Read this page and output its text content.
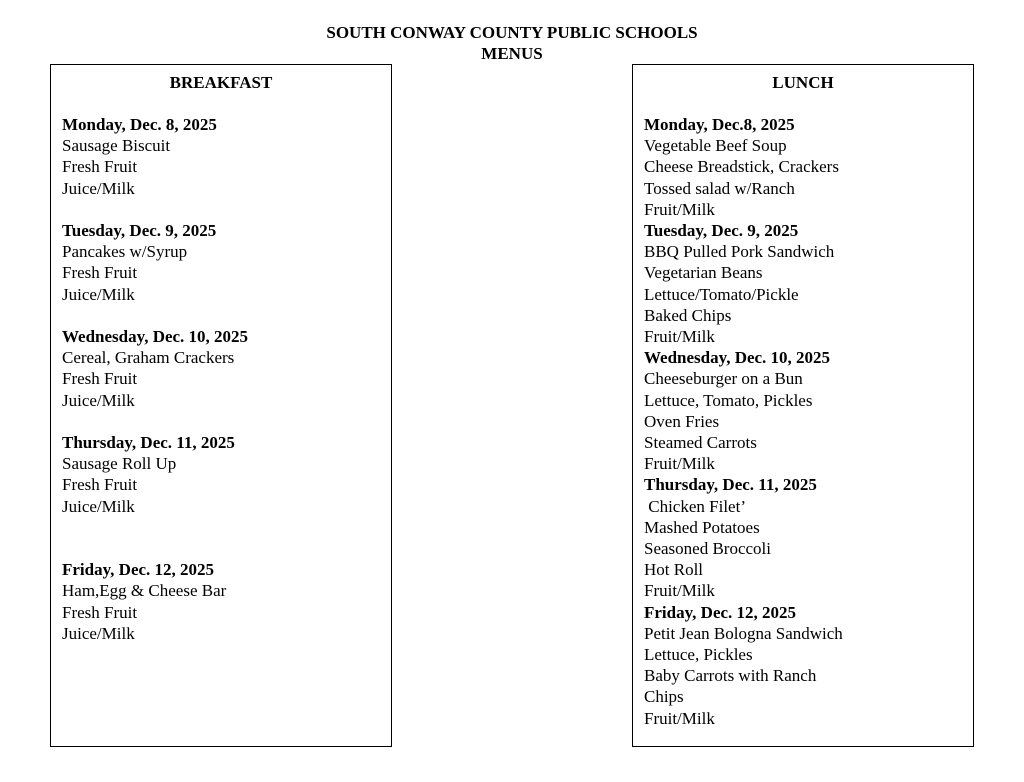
SOUTH CONWAY COUNTY PUBLIC SCHOOLS
MENUS
BREAKFAST
Monday, Dec. 8, 2025
Sausage Biscuit
Fresh Fruit
Juice/Milk
Tuesday, Dec. 9, 2025
Pancakes w/Syrup
Fresh Fruit
Juice/Milk
Wednesday, Dec. 10, 2025
Cereal, Graham Crackers
Fresh Fruit
Juice/Milk
Thursday, Dec. 11, 2025
Sausage Roll Up
Fresh Fruit
Juice/Milk
Friday, Dec. 12, 2025
Ham,Egg & Cheese Bar
Fresh Fruit
Juice/Milk
LUNCH
Monday, Dec.8, 2025
Vegetable Beef Soup
Cheese Breadstick, Crackers
Tossed salad w/Ranch
Fruit/Milk
Tuesday, Dec. 9, 2025
BBQ Pulled Pork Sandwich
Vegetarian Beans
Lettuce/Tomato/Pickle
Baked Chips
Fruit/Milk
Wednesday, Dec. 10, 2025
Cheeseburger on a Bun
Lettuce, Tomato, Pickles
Oven Fries
Steamed Carrots
Fruit/Milk
Thursday, Dec. 11, 2025
Chicken Filet’
Mashed Potatoes
Seasoned Broccoli
Hot Roll
Fruit/Milk
Friday, Dec. 12, 2025
Petit Jean Bologna Sandwich
Lettuce, Pickles
Baby Carrots with Ranch
Chips
Fruit/Milk
